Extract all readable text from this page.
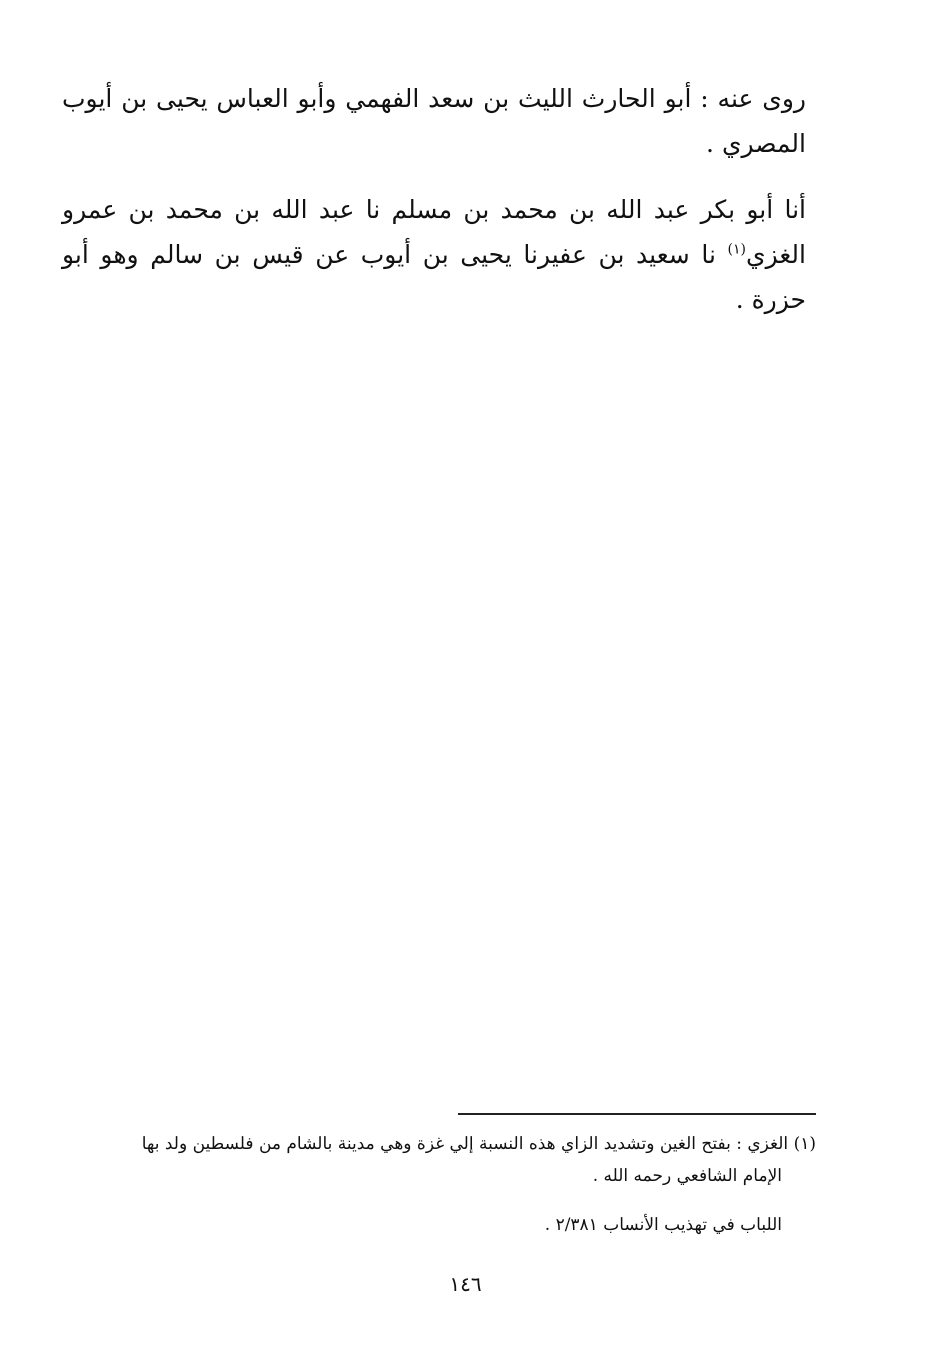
روى عنه : أبو الحارث الليث بن سعد الفهمي وأبو العباس يحيى بن أيوب المصري .

أنا أبو بكر عبد الله بن محمد بن مسلم نا عبد الله بن محمد بن عمرو الغزي$^{(١)}$ نا سعيد بن عفيرنا يحيى بن أيوب عن قيس بن سالم وهو أبو حزرة .

(١) الغزي : بفتح الغين وتشديد الزاي هذه النسبة إلي غزة وهي مدينة بالشام من فلسطين ولد بها
الإمام الشافعي رحمه الله .

اللباب في تهذيب الأنساب ٢/٣٨١ .

١٤٦
